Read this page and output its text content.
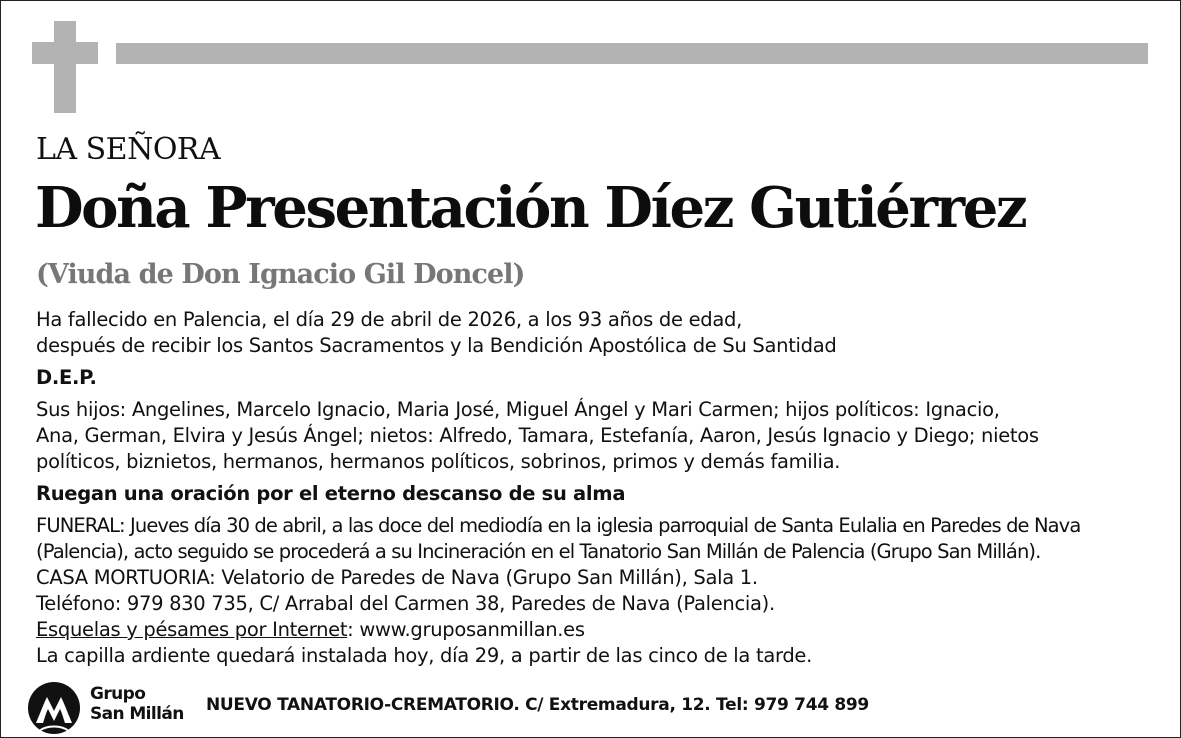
LA SEÑORA
Doña Presentación Díez Gutiérrez
(Viuda de Don Ignacio Gil Doncel)
Ha fallecido en Palencia, el día 29 de abril de 2026, a los 93 años de edad,
después de recibir los Santos Sacramentos y la Bendición Apostólica de Su Santidad
D.E.P.
Sus hijos: Angelines, Marcelo Ignacio, Maria José, Miguel Ángel y Mari Carmen; hijos políticos: Ignacio,
Ana, German, Elvira y Jesús Ángel; nietos: Alfredo, Tamara, Estefanía, Aaron, Jesús Ignacio y Diego; nietos
políticos, biznietos, hermanos, hermanos políticos, sobrinos, primos y demás familia.
Ruegan una oración por el eterno descanso de su alma
FUNERAL: Jueves día 30 de abril, a las doce del mediodía en la iglesia parroquial de Santa Eulalia en Paredes de Nava
(Palencia), acto seguido se procederá a su Incineración en el Tanatorio San Millán de Palencia (Grupo San Millán).
CASA MORTUORIA: Velatorio de Paredes de Nava (Grupo San Millán), Sala 1.
Teléfono: 979 830 735, C/ Arrabal del Carmen 38, Paredes de Nava (Palencia).
Esquelas y pésames por Internet: www.gruposanmillan.es
La capilla ardiente quedará instalada hoy, día 29, a partir de las cinco de la tarde.
Grupo
San Millán NUEVO TANATORIO-CREMATORIO. C/ Extremadura, 12. Tel: 979 744 899
